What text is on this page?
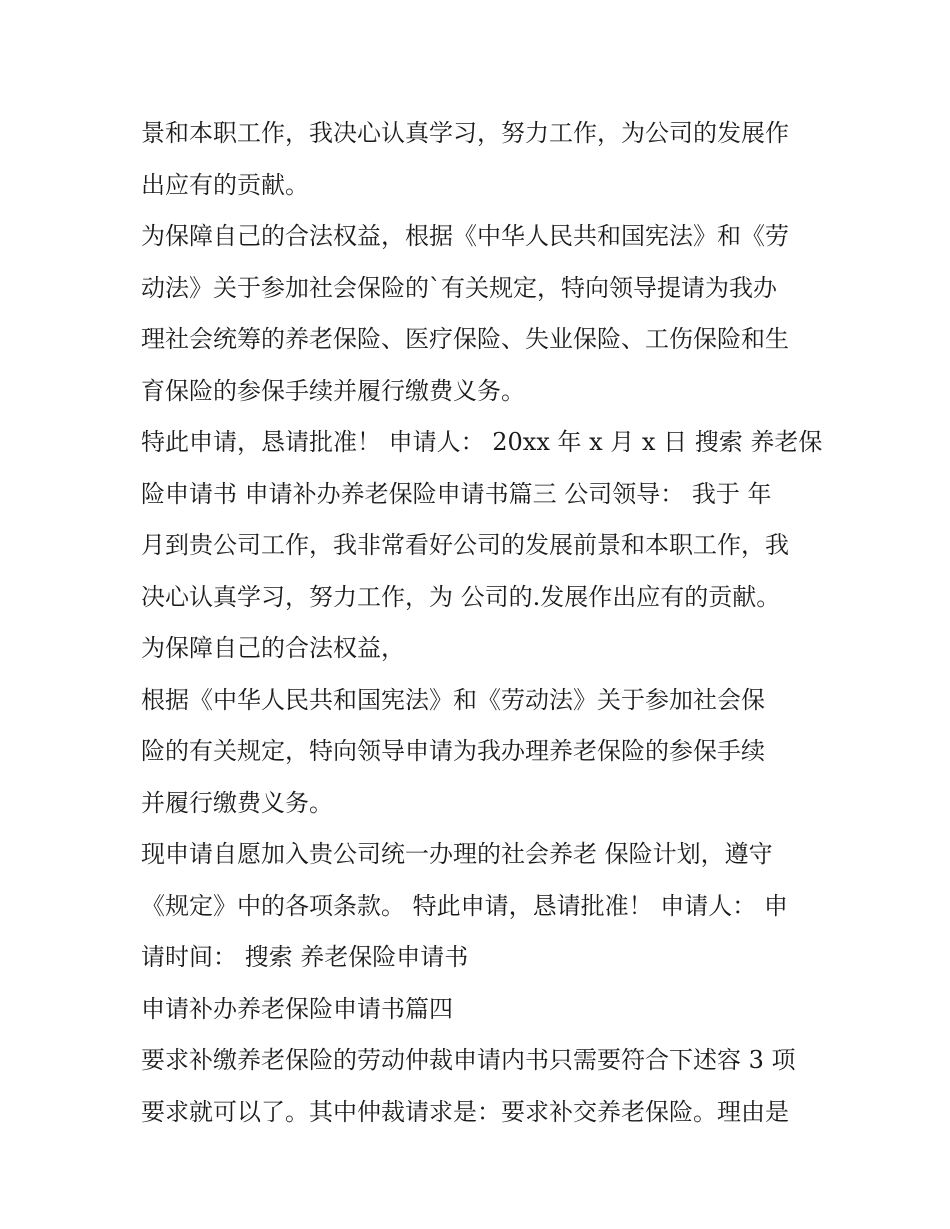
景和本职工作，我决心认真学习，努力工作，为公司的发展作
出应有的贡献。
为保障自己的合法权益，根据《中华人民共和国宪法》和《劳
动法》关于参加社会保险的`有关规定，特向领导提请为我办
理社会统筹的养老保险、医疗保险、失业保险、工伤保险和生
育保险的参保手续并履行缴费义务。
特此申请，恳请批准！ 申请人： 20xx 年 x 月 x 日 搜索 养老保
险申请书 申请补办养老保险申请书篇三 公司领导： 我于 年
月到贵公司工作，我非常看好公司的发展前景和本职工作，我
决心认真学习，努力工作，为 公司的.发展作出应有的贡献。
为保障自己的合法权益，
根据《中华人民共和国宪法》和《劳动法》关于参加社会保
险的有关规定，特向领导申请为我办理养老保险的参保手续
并履行缴费义务。
现申请自愿加入贵公司统一办理的社会养老 保险计划，遵守
《规定》中的各项条款。 特此申请，恳请批准！ 申请人： 申
请时间： 搜索 养老保险申请书
申请补办养老保险申请书篇四
要求补缴养老保险的劳动仲裁申请内书只需要符合下述容 3 项
要求就可以了。其中仲裁请求是：要求补交养老保险。理由是
